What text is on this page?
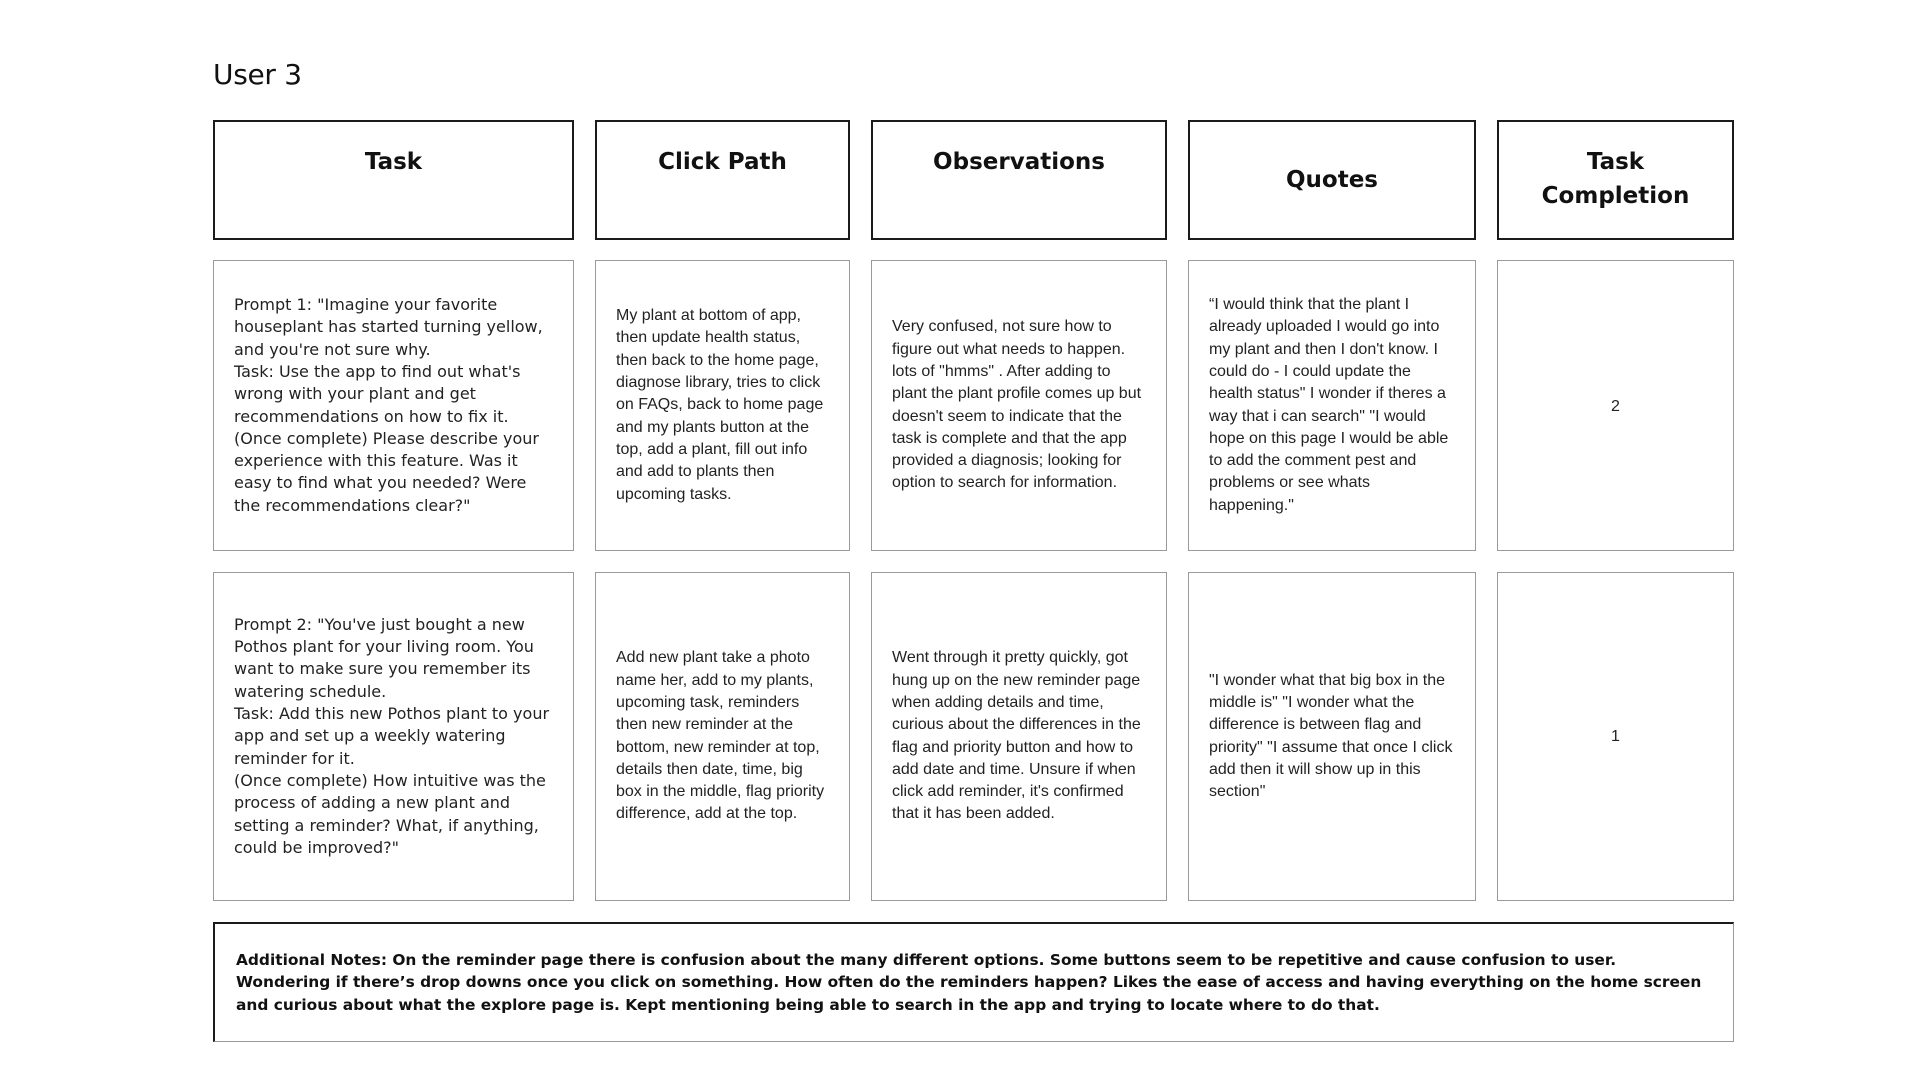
User 3
Task	Click Path	Observations
Quotes
Task Completion
Prompt 1: "Imagine your favorite houseplant has started turning yellow, and you're not sure why.
Task: Use the app to find out what's wrong with your plant and get recommendations on how to fix it.
(Once complete) Please describe your experience with this feature. Was it easy to find what you needed? Were the recommendations clear?"
My plant at bottom of app, then update health status, then back to the home page, diagnose library, tries to click on FAQs, back to home page and my plants button at the top, add a plant, fill out info and add to plants then upcoming tasks.
Very confused, not sure how to figure out what needs to happen. lots of "hmms" . After adding to plant the plant profile comes up but doesn't seem to indicate that the task is complete and that the app provided a diagnosis; looking for option to search for information.
“I would think that the plant I already uploaded I would go into my plant and then I don't know. I could do - I could update the health status" I wonder if theres a way that i can search" "I would hope on this page I would be able to add the comment pest and problems or see whats happening."
2
Prompt 2: "You've just bought a new Pothos plant for your living room. You want to make sure you remember its watering schedule.
Task: Add this new Pothos plant to your app and set up a weekly watering reminder for it.
(Once complete) How intuitive was the process of adding a new plant and setting a reminder? What, if anything, could be improved?"
Add new plant take a photo name her, add to my plants, upcoming task, reminders then new reminder at the bottom, new reminder at top, details then date, time, big box in the middle, flag priority difference, add at the top.
Went through it pretty quickly, got hung up on the new reminder page when adding details and time, curious about the differences in the flag and priority button and how to add date and time. Unsure if when click add reminder, it's confirmed that it has been added.
"I wonder what that big box in the middle is" "I wonder what the difference is between flag and priority" "I assume that once I click add then it will show up in this section"
1
Additional Notes: On the reminder page there is confusion about the many different options. Some buttons seem to be repetitive and cause confusion to user. Wondering if there’s drop downs once you click on something. How often do the reminders happen? Likes the ease of access and having everything on the home screen and curious about what the explore page is. Kept mentioning being able to search in the app and trying to locate where to do that.
